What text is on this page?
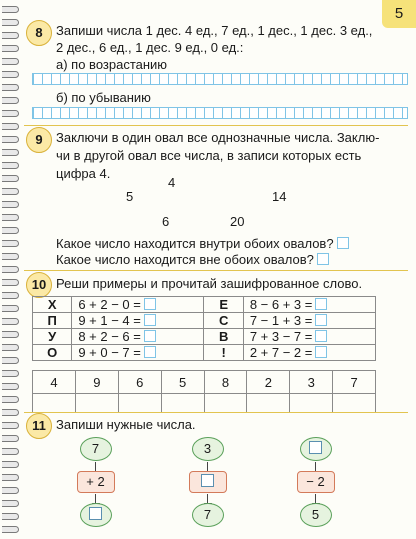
5
8	Запиши числа 1 дес. 4 ед., 7 ед., 1 дес., 1 дес. 3 ед.,
2 дес., 6 ед., 1 дес. 9 ед., 0 ед.:
а) по возрастанию
б) по убыванию
9	Заключи в один овал все однозначные числа. Заклю-
чи в другой овал все числа, в записи которых есть
цифра 4.
4
5	14
6	20
Какое число находится внутри обоих овалов?
Какое число находится вне обоих овалов?
10 Реши примеры и прочитай зашифрованное слово.
Х	6 + 2 − 0 =	Е	8 − 6 + 3 =
П	9 + 1 − 4 =	С	7 − 1 + 3 =
У	8 + 2 − 6 =	В	7 + 3 − 7 =
О	9 + 0 − 7 =	!	2 + 7 − 2 =
4	9	6	5	8	2	3	7

11 Запиши нужные числа.
7
+ 2
3
7
− 2
5
